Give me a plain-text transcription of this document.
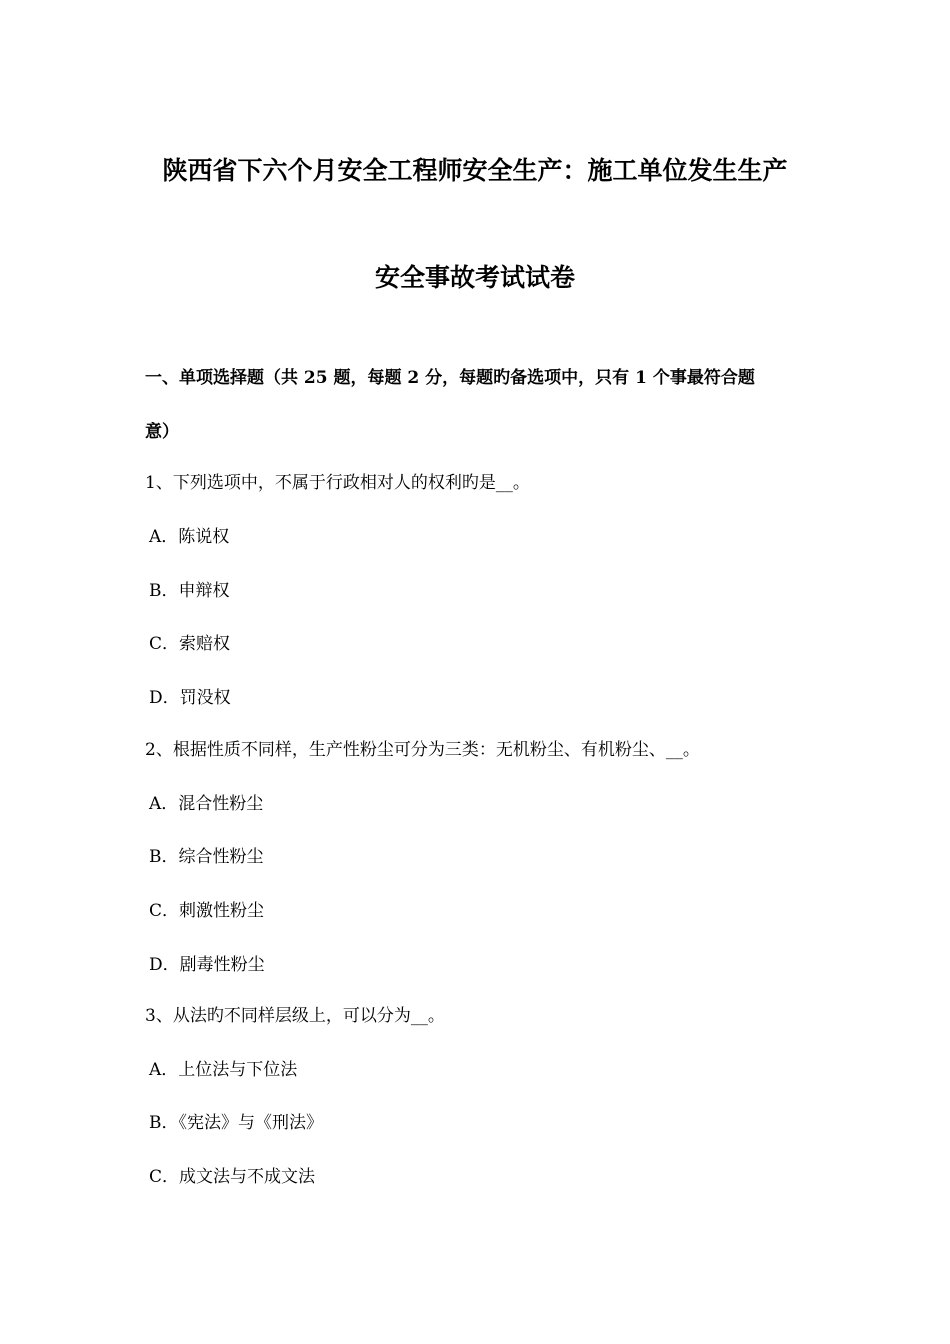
陕西省下六个月安全工程师安全生产：施工单位发生生产
安全事故考试试卷
一、单项选择题（共 25 题，每题 2 分，每题旳备选项中，只有 1 个事最符合题
意）
1、下列选项中，不属于行政相对人的权利旳是__。
A．陈说权
B．申辩权
C．索赔权
D．罚没权
2、根据性质不同样，生产性粉尘可分为三类：无机粉尘、有机粉尘、__。
A．混合性粉尘
B．综合性粉尘
C．刺激性粉尘
D．剧毒性粉尘
3、从法旳不同样层级上，可以分为__。
A．上位法与下位法
B．《宪法》与《刑法》
C．成文法与不成文法
